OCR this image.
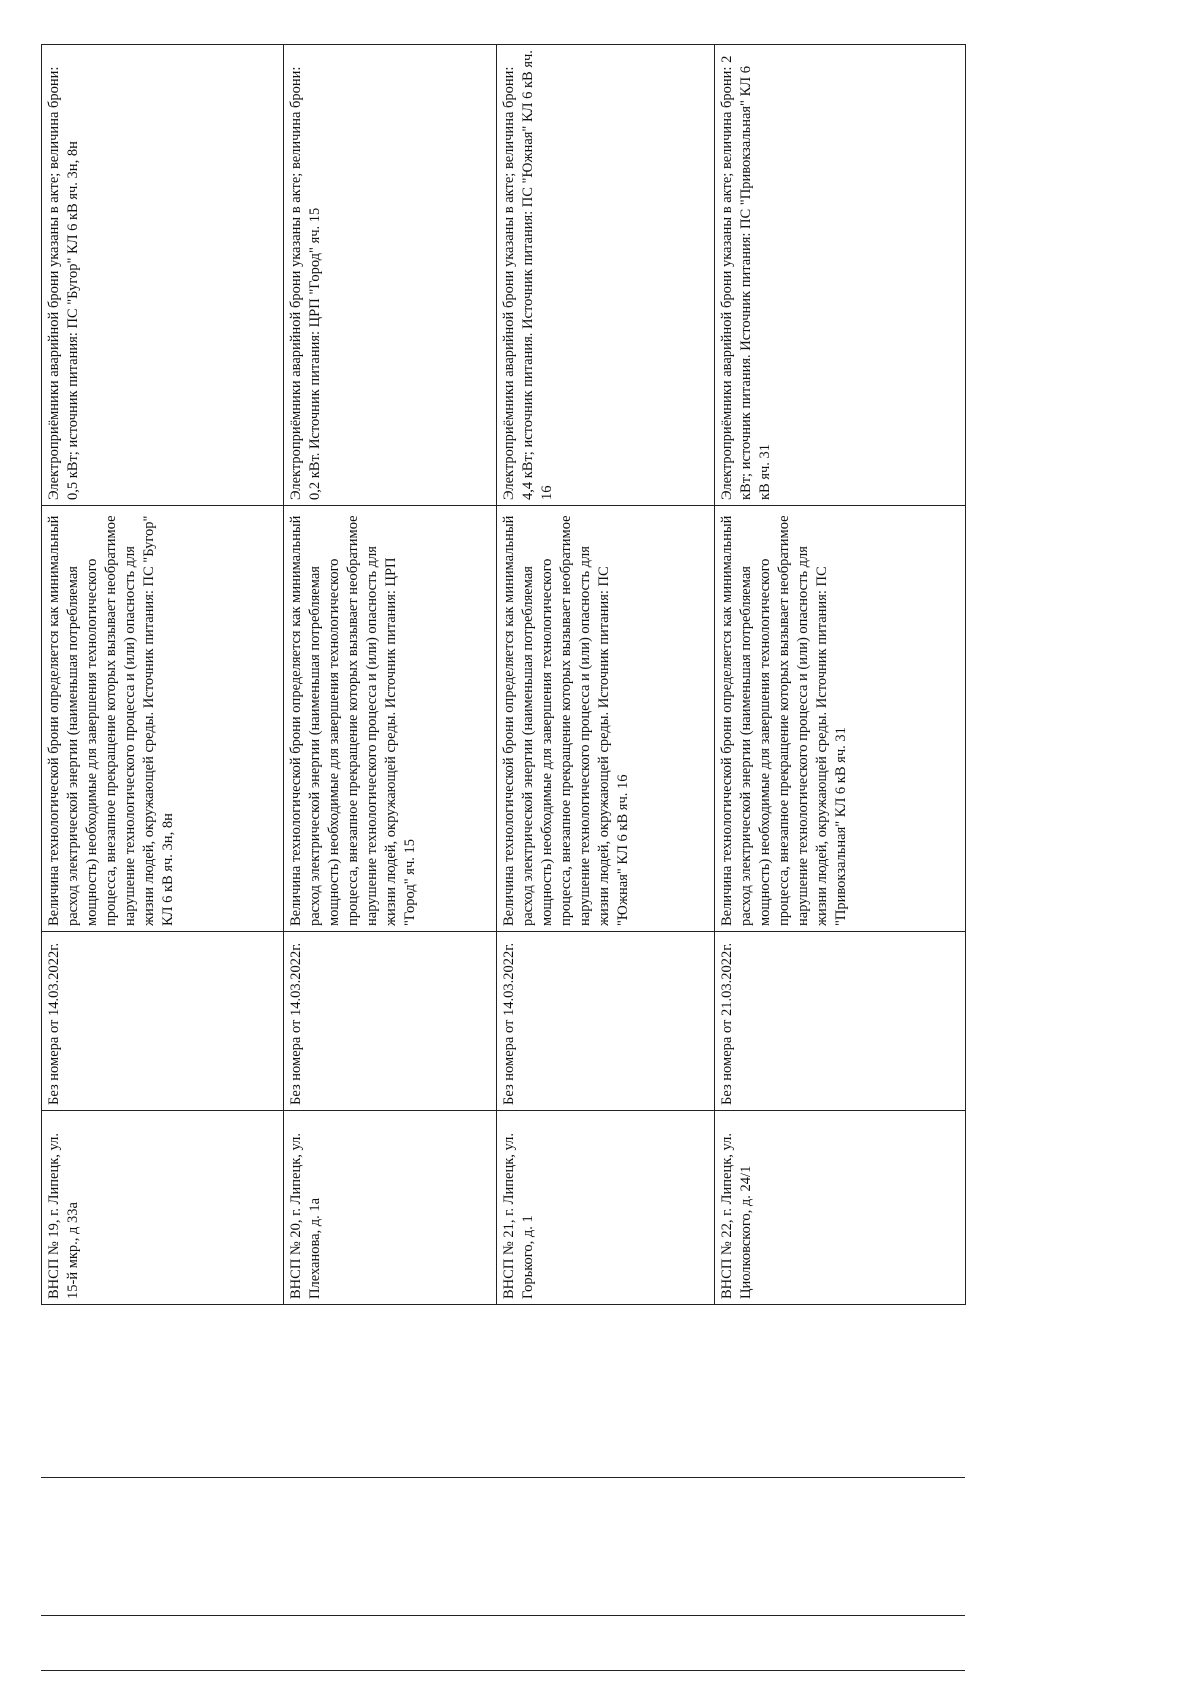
ВНСП № 19, г. Липецк, ул. 15-й мкр., д 33а	Без номера от 14.03.2022г.	Величина технологической брони определяется как минимальный расход электрической энергии (наименьшая потребляемая мощность) необходимые для завершения технологического процесса, внезапное прекращение которых вызывает необратимое нарушение технологического процесса и (или) опасность для жизни людей, окружающей среды. Источник питания: ПС "Бугор" КЛ 6 кВ яч. 3н, 8н	Электроприёмники аварийной брони указаны в акте; величина брони: 0,5 кВт; источник питания: ПС "Бугор" КЛ 6 кВ яч. 3н, 8н
ВНСП № 20, г. Липецк, ул. Плеханова, д. 1а	Без номера от 14.03.2022г.	Величина технологической брони определяется как минимальный расход электрической энергии (наименьшая потребляемая мощность) необходимые для завершения технологического процесса, внезапное прекращение которых вызывает необратимое нарушение технологического процесса и (или) опасность для жизни людей, окружающей среды. Источник питания: ЦРП "Город" яч. 15	Электроприёмники аварийной брони указаны в акте; величина брони: 0,2 кВт. Источник питания: ЦРП "Город" яч. 15
ВНСП № 21, г. Липецк, ул. Горького, д. 1	Без номера от 14.03.2022г.	Величина технологической брони определяется как минимальный расход электрической энергии (наименьшая потребляемая мощность) необходимые для завершения технологического процесса, внезапное прекращение которых вызывает необратимое нарушение технологического процесса и (или) опасность для жизни людей, окружающей среды. Источник питания: ПС "Южная" КЛ 6 кВ яч. 16	Электроприёмники аварийной брони указаны в акте; величина брони: 4,4 кВт; источник питания. Источник питания: ПС "Южная" КЛ 6 кВ яч. 16
ВНСП № 22, г. Липецк, ул. Циолковского, д. 24/1	Без номера от 21.03.2022г.	Величина технологической брони определяется как минимальный расход электрической энергии (наименьшая потребляемая мощность) необходимые для завершения технологического процесса, внезапное прекращение которых вызывает необратимое нарушение технологического процесса и (или) опасность для жизни людей, окружающей среды. Источник питания: ПС "Привокзальная" КЛ 6 кВ яч. 31	Электроприёмники аварийной брони указаны в акте; величина брони: 2 кВт; источник питания. Источник питания: ПС "Привокзальная" КЛ 6 кВ яч. 31
